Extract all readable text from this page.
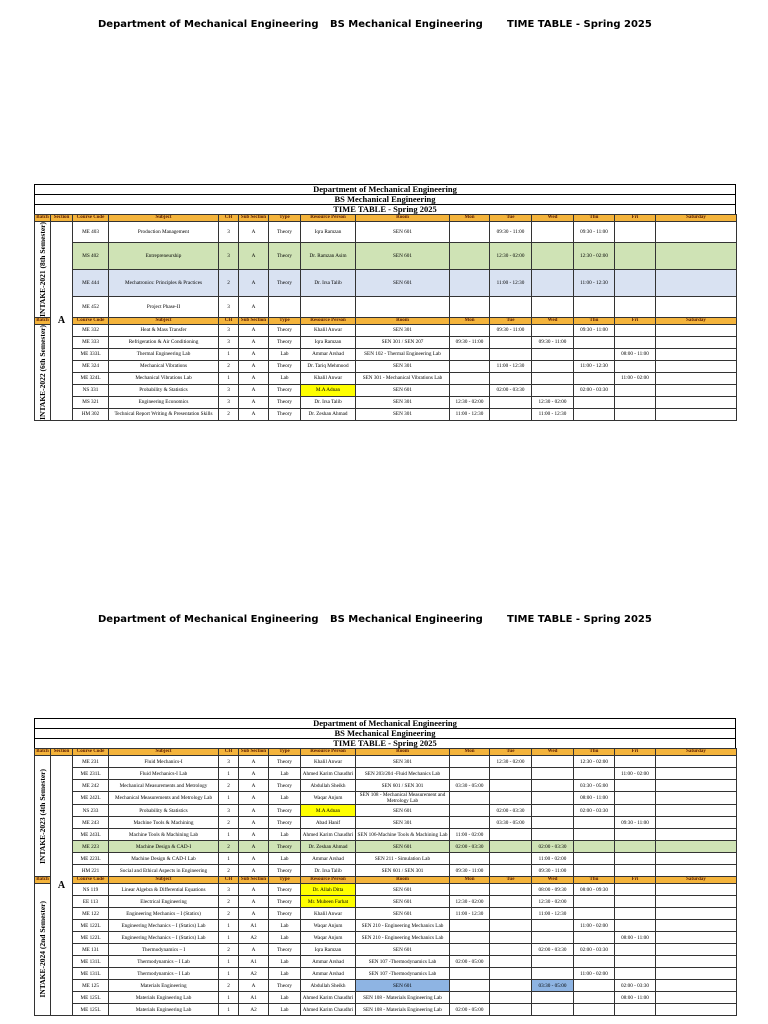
Department of Mechanical Engineering BS Mechanical Engineering TIME TABLE - Spring 2025
Department of Mechanical Engineering
BS Mechanical Engineering
TIME TABLE - Spring 2025
Batch	Section	Course Code	Subject	CH	Sub Section	Type	Resource Person	Room	Mon	Tue	Wed	Thu	Fri	Saturday

INTAKE-2021 (8th Semester)	A	ME 403	Production Management	3	A	Theory	Iqra Ramzan	SEN 601		09:30 - 11:00		09:30 - 11:00		
		MS 402	Entrepreneurship	3	A	Theory	Dr. Ramzan Asim	SEN 601		12:30 - 02:00		12:30 - 02:00		
		ME 444	Mechatronics: Principles & Practices	2	A	Theory	Dr. Irsa Talib	SEN 601		11:00 - 12:30		11:00 - 12:30		
		ME 452	Project Phase-II	3	A									
Batch		Course Code	Subject	CH	Sub Section	Type	Resource Person	Room	Mon	Tue	Wed	Thu	Fri	Saturday

INTAKE-2022 (6th Semester)		ME 332	Heat & Mass Transfer	3	A	Theory	Khalil Anwar	SEN 301		09:30 - 11:00		09:30 - 11:00		
		ME 333	Refrigeration & Air Conditioning	3	A	Theory	Iqra Ramzan	SEN 301 / SEN 207	09:30 - 11:00		09:30 - 11:00			
		ME 333L	Thermal Engineering Lab	1	A	Lab	Ammar Arshad	SEN 102 - Thermal Engineering Lab					08:00 - 11:00	
		ME 324	Mechanical Vibrations	2	A	Theory	Dr. Tariq Mehmood	SEN 301		11:00 - 12:30		11:00 - 12:30		
		ME 324L	Mechanical Vibrations Lab	1	A	Lab	Khalil Anwar	SEN 301 - Mechanical Vibrations Lab					11:00 - 02:00	
		NS 331	Probability & Statistics	3	A	Theory	M.A Adnan	SEN 601		02:00 - 03:30		02:00 - 03:30		
		MS 321	Engineering Economics	3	A	Theory	Dr. Irsa Talib	SEN 301	12:30 - 02:00		12:30 - 02:00			
		HM 302	Technical Report Writing & Presentation Skills	2	A	Theory	Dr. Zeshan Ahmad	SEN 301	11:00 - 12:30		11:00 - 12:30			
Department of Mechanical Engineering BS Mechanical Engineering TIME TABLE - Spring 2025
Department of Mechanical Engineering
BS Mechanical Engineering
TIME TABLE - Spring 2025
Batch	Section	Course Code	Subject	CH	Sub Section	Type	Resource Person	Room	Mon	Tue	Wed	Thu	Fri	Saturday

INTAKE-2023 (4th Semester)	A	ME 231	Fluid Mechanics-I	3	A	Theory	Khalil Anwar	SEN 301		12:30 - 02:00		12:30 - 02:00		
		ME 231L	Fluid Mechanics-I Lab	1	A	Lab	Ahmed Karim Chaudhri	SEN 203/204 -Fluid Mechanics Lab					11:00 - 02:00	
		ME 242	Mechanical Measurements and Metrology	2	A	Theory	Abdullah Sheikh	SEN 601 / SEN 301	03:30 - 05:00			03:30 - 05:00		
		ME 242L	Mechanical Measurements and Metrology Lab	1	A	Lab	Waqar Anjum	SEN 108 - Mechanical Measurement and Metrology Lab				08:00 - 11:00		
		NS 233	Probability & Statistics	3	A	Theory	M.A Adnan	SEN 601		02:00 - 03:30		02:00 - 03:30		
		ME 243	Machine Tools & Machining	2	A	Theory	Abad Hanif	SEN 301		03:30 - 05:00			09:30 - 11:00	
		ME 243L	Machine Tools & Machining Lab	1	A	Lab	Ahmed Karim Chaudhri	SEN 106-Machine Tools & Machining Lab	11:00 - 02:00					
		ME 223	Machine Design & CAD-I	2	A	Theory	Dr. Zeshan Ahmad	SEN 601	02:00 - 03:30		02:00 - 03:30			
		ME 223L	Machine Design & CAD-I Lab	1	A	Lab	Ammar Arshad	SEN 211 - Simulation Lab			11:00 - 02:00			
		HM 221	Social and Ethical Aspects in Engineering	2	A	Theory	Dr. Irsa Talib	SEN 601 / SEN 301	09:30 - 11:00		09:30 - 11:00			
Batch		Course Code	Subject	CH	Sub Section	Type	Resource Person	Room	Mon	Tue	Wed	Thu	Fri	Saturday

INTAKE-2024 (2nd Semester)		NS 119	Linear Algebra & Differential Equations	3	A	Theory	Dr. Allah Ditta	SEN 601			08:00 - 09:30	08:00 - 09:30		
		EE 113	Electrical Engineering	2	A	Theory	Mr. Mubeen Farhat	SEN 601	12:30 - 02:00		12:30 - 02:00			
		ME 122	Engineering Mechanics – I (Statics)	2	A	Theory	Khalil Anwar	SEN 601	11:00 - 12:30		11:00 - 12:30			
		ME 122L	Engineering Mechanics – I (Statics) Lab	1	A1	Lab	Waqar Anjum	SEN 210 - Engineering Mechanics Lab				11:00 - 02:00		
		ME 122L	Engineering Mechanics – I (Statics) Lab	1	A2	Lab	Waqar Anjum	SEN 210 - Engineering Mechanics Lab					08:00 - 11:00	
		ME 131	Thermodynamics – I	2	A	Theory	Iqra Ramzan	SEN 601			02:00 - 03:30	02:00 - 03:30		
		ME 131L	Thermodynamics – I Lab	1	A1	Lab	Ammar Arshad	SEN 107 -Thermodynamics Lab	02:00 - 05:00					
		ME 131L	Thermodynamics – I Lab	1	A2	Lab	Ammar Arshad	SEN 107 -Thermodynamics Lab				11:00 - 02:00		
		ME 125	Materials Engineering	2	A	Theory	Abdullah Sheikh	SEN 601			03:30 - 05:00		02:00 - 03:30	
		ME 125L	Materials Engineering Lab	1	A1	Lab	Ahmed Karim Chaudhri	SEN 108 - Materials Engineering Lab					08:00 - 11:00	
		ME 125L	Materials Engineering Lab	1	A2	Lab	Ahmed Karim Chaudhri	SEN 108 - Materials Engineering Lab	02:00 - 05:00					
